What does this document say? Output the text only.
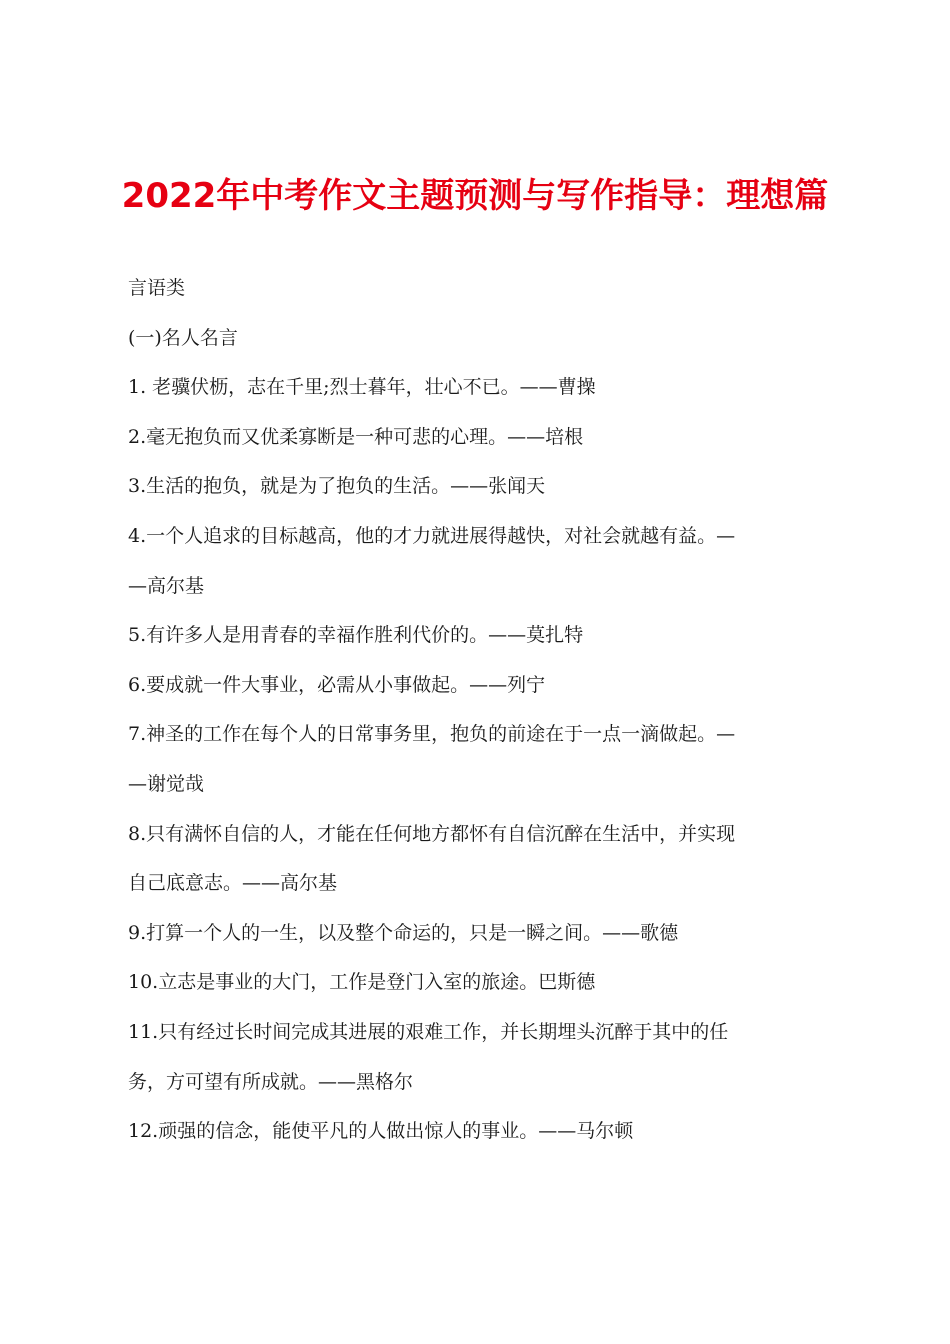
2022年中考作文主题预测与写作指导：理想篇
言语类
(一)名人名言
1. 老骥伏枥，志在千里;烈士暮年，壮心不已。——曹操
2.毫无抱负而又优柔寡断是一种可悲的心理。——培根
3.生活的抱负，就是为了抱负的生活。——张闻天
4.一个人追求的目标越高，他的才力就进展得越快，对社会就越有益。—
—高尔基
5.有许多人是用青春的幸福作胜利代价的。——莫扎特
6.要成就一件大事业，必需从小事做起。——列宁
7.神圣的工作在每个人的日常事务里，抱负的前途在于一点一滴做起。—
—谢觉哉
8.只有满怀自信的人，才能在任何地方都怀有自信沉醉在生活中，并实现
自己底意志。——高尔基
9.打算一个人的一生，以及整个命运的，只是一瞬之间。——歌德
10.立志是事业的大门，工作是登门入室的旅途。巴斯德
11.只有经过长时间完成其进展的艰难工作，并长期埋头沉醉于其中的任
务，方可望有所成就。——黑格尔
12.顽强的信念，能使平凡的人做出惊人的事业。——马尔顿
